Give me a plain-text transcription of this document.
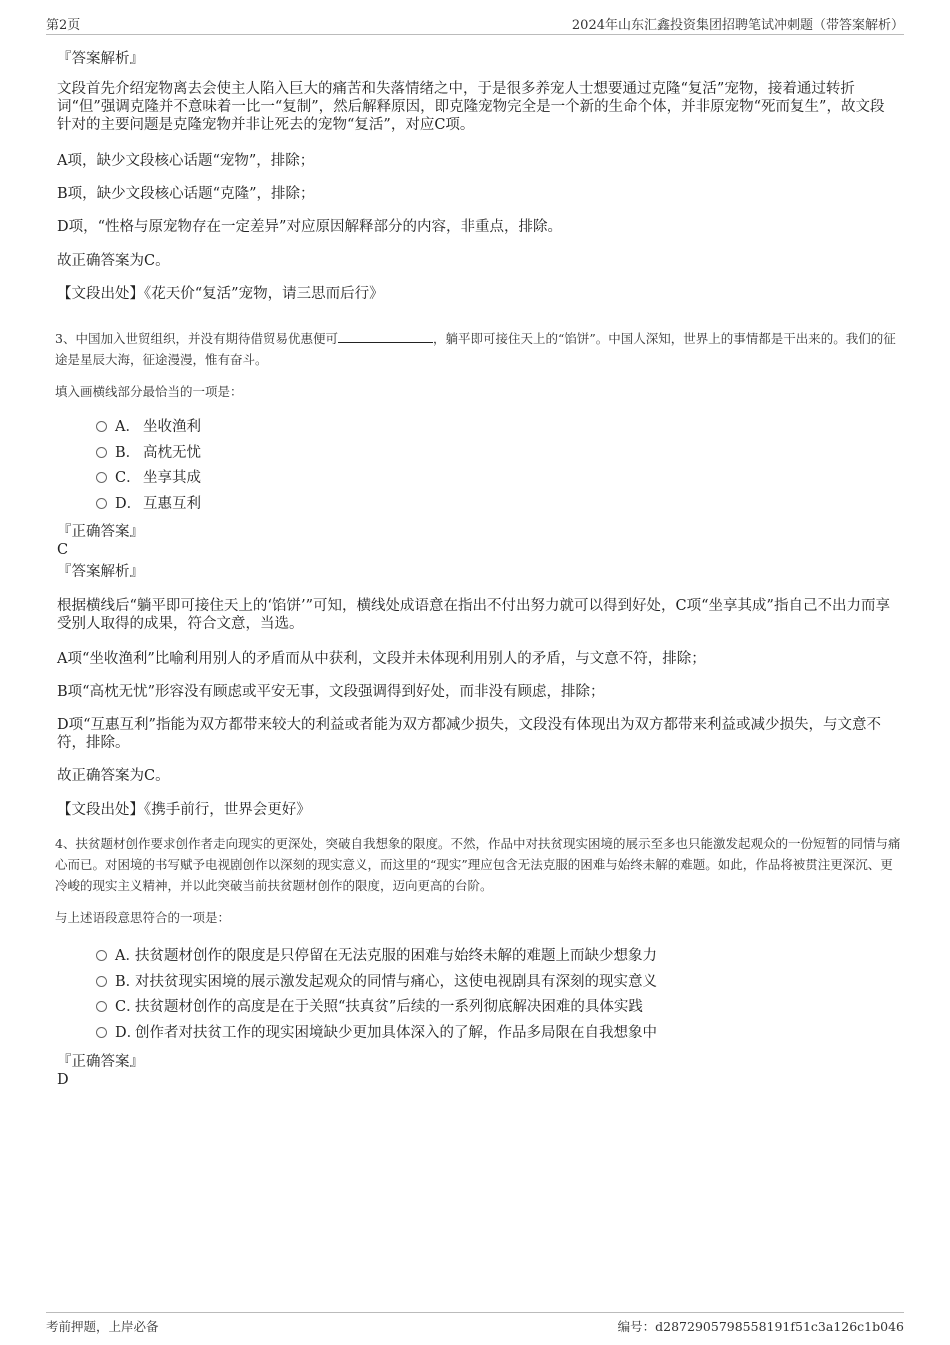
第2页	2024年山东汇鑫投资集团招聘笔试冲刺题（带答案解析）
『答案解析』
文段首先介绍宠物离去会使主人陷入巨大的痛苦和失落情绪之中，于是很多养宠人士想要通过克隆“复活”宠物，接着通过转折词“但”强调克隆并不意味着一比一“复制”，然后解释原因，即克隆宠物完全是一个新的生命个体，并非原宠物“死而复生”，故文段针对的主要问题是克隆宠物并非让死去的宠物“复活”，对应C项。
A项，缺少文段核心话题“宠物”，排除；
B项，缺少文段核心话题“克隆”，排除；
D项，“性格与原宠物存在一定差异”对应原因解释部分的内容，非重点，排除。
故正确答案为C。
【文段出处】《花天价“复活”宠物，请三思而后行》
3、中国加入世贸组织，并没有期待借贸易优惠便可	，躺平即可接住天上的“馅饼”。中国人深知，世界上的事情都是干出来的。我们的征途是星辰大海，征途漫漫，惟有奋斗。
填入画横线部分最恰当的一项是：
A． 坐收渔利
B． 高枕无忧
C． 坐享其成
D． 互惠互利
『正确答案』
C
『答案解析』
根据横线后“躺平即可接住天上的‘馅饼’”可知，横线处成语意在指出不付出努力就可以得到好处，C项“坐享其成”指自己不出力而享受别人取得的成果，符合文意，当选。
A项“坐收渔利”比喻利用别人的矛盾而从中获利，文段并未体现利用别人的矛盾，与文意不符，排除；
B项“高枕无忧”形容没有顾虑或平安无事，文段强调得到好处，而非没有顾虑，排除；
D项“互惠互利”指能为双方都带来较大的利益或者能为双方都减少损失，文段没有体现出为双方都带来利益或减少损失，与文意不符，排除。
故正确答案为C。
【文段出处】《携手前行，世界会更好》
4、扶贫题材创作要求创作者走向现实的更深处，突破自我想象的限度。不然，作品中对扶贫现实困境的展示至多也只能激发起观众的一份短暂的同情与痛心而已。对困境的书写赋予电视剧创作以深刻的现实意义，而这里的“现实”理应包含无法克服的困难与始终未解的难题。如此，作品将被贯注更深沉、更冷峻的现实主义精神，并以此突破当前扶贫题材创作的限度，迈向更高的台阶。
与上述语段意思符合的一项是：
A．扶贫题材创作的限度是只停留在无法克服的困难与始终未解的难题上而缺少想象力
B．对扶贫现实困境的展示激发起观众的同情与痛心，这使电视剧具有深刻的现实意义
C．扶贫题材创作的高度是在于关照“扶真贫”后续的一系列彻底解决困难的具体实践
D．创作者对扶贫工作的现实困境缺少更加具体深入的了解，作品多局限在自我想象中
『正确答案』
D
考前押题，上岸必备	编号：d2872905798558191f51c3a126c1b046
